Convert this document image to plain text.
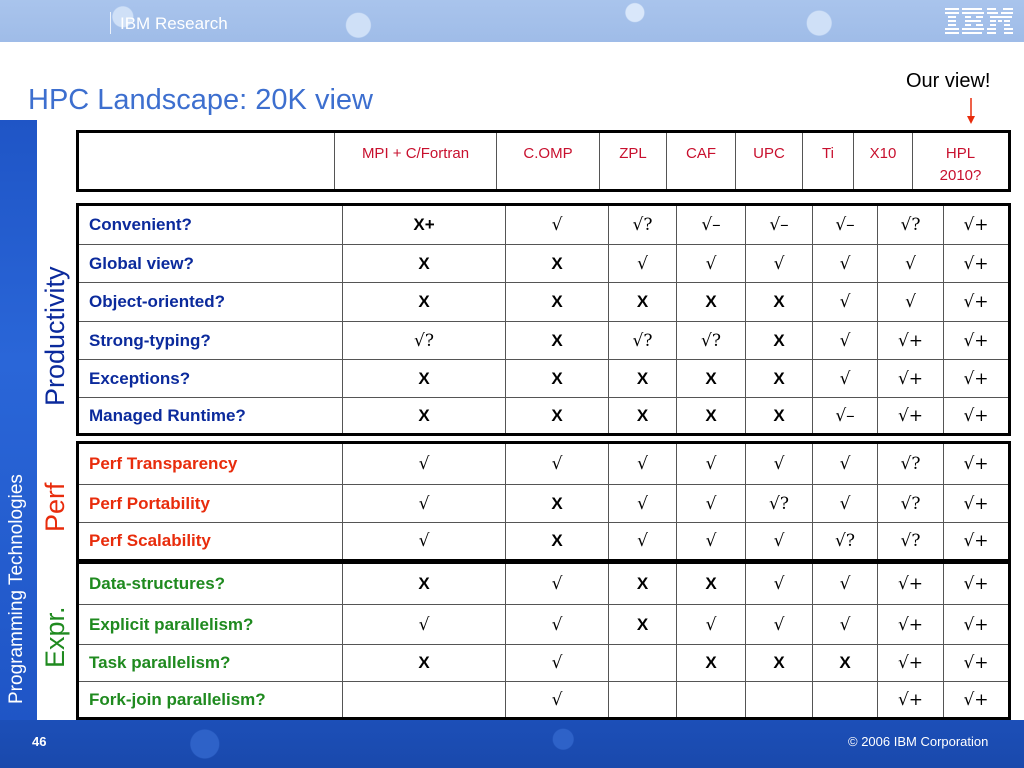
IBM Research
Programming Technologies
HPC Landscape: 20K view
Our view!
Productivity
Perf
Expr.
	MPI + C/Fortran	C.OMP	ZPL	CAF	UPC	Ti	X10	HPL
2010?
Convenient?	X+	√	√?	√–	√–	√–	√?	√+
Global view?	X	X	√	√	√	√	√	√+
Object-oriented?	X	X	X	X	X	√	√	√+
Strong-typing?	√?	X	√?	√?	X	√	√+	√+
Exceptions?	X	X	X	X	X	√	√+	√+
Managed Runtime?	X	X	X	X	X	√–	√+	√+
Perf Transparency	√	√	√	√	√	√	√?	√+
Perf Portability	√	X	√	√	√?	√	√?	√+
Perf Scalability	√	X	√	√	√	√?	√?	√+
Data-structures?	X	√	X	X	√	√	√+	√+
Explicit parallelism?	√	√	X	√	√	√	√+	√+
Task parallelism?	X	√		X	X	X	√+	√+
Fork-join parallelism?		√					√+	√+
46	© 2006 IBM Corporation
